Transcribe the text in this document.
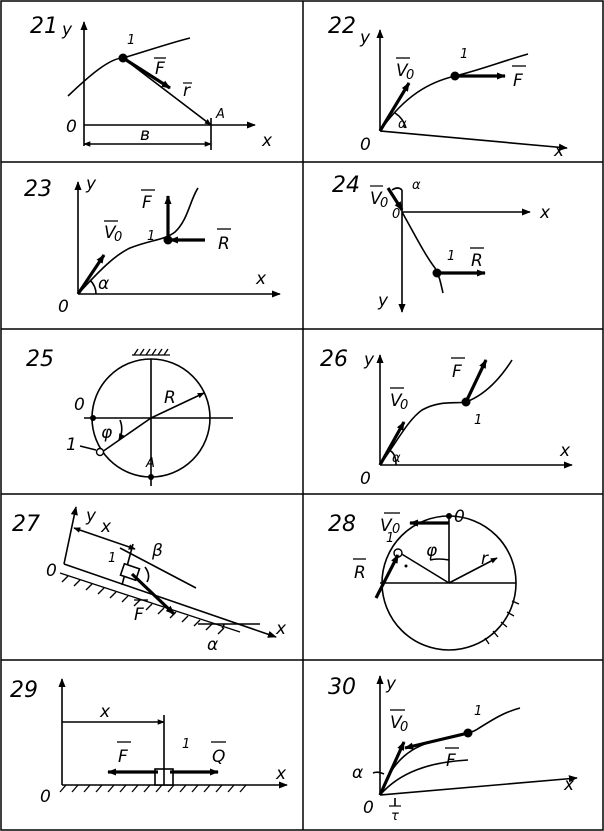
21 y
x
0
1
F
r
A
в
22 y
x
0
V
0
α
1
F
23 y
x
0
V
0
α
1
F
R
24
x
y
0
V
0
α
1 R
25
0
1
φ
R
A
26 y
x
0
V
0
α
1
F
27
x
y
0
x
α
1 β
F
28	0
V 0
1
φ
R
r
29
x
0
x
1
F	Q
30 y
x
0
V
0
α
τ
1
F
